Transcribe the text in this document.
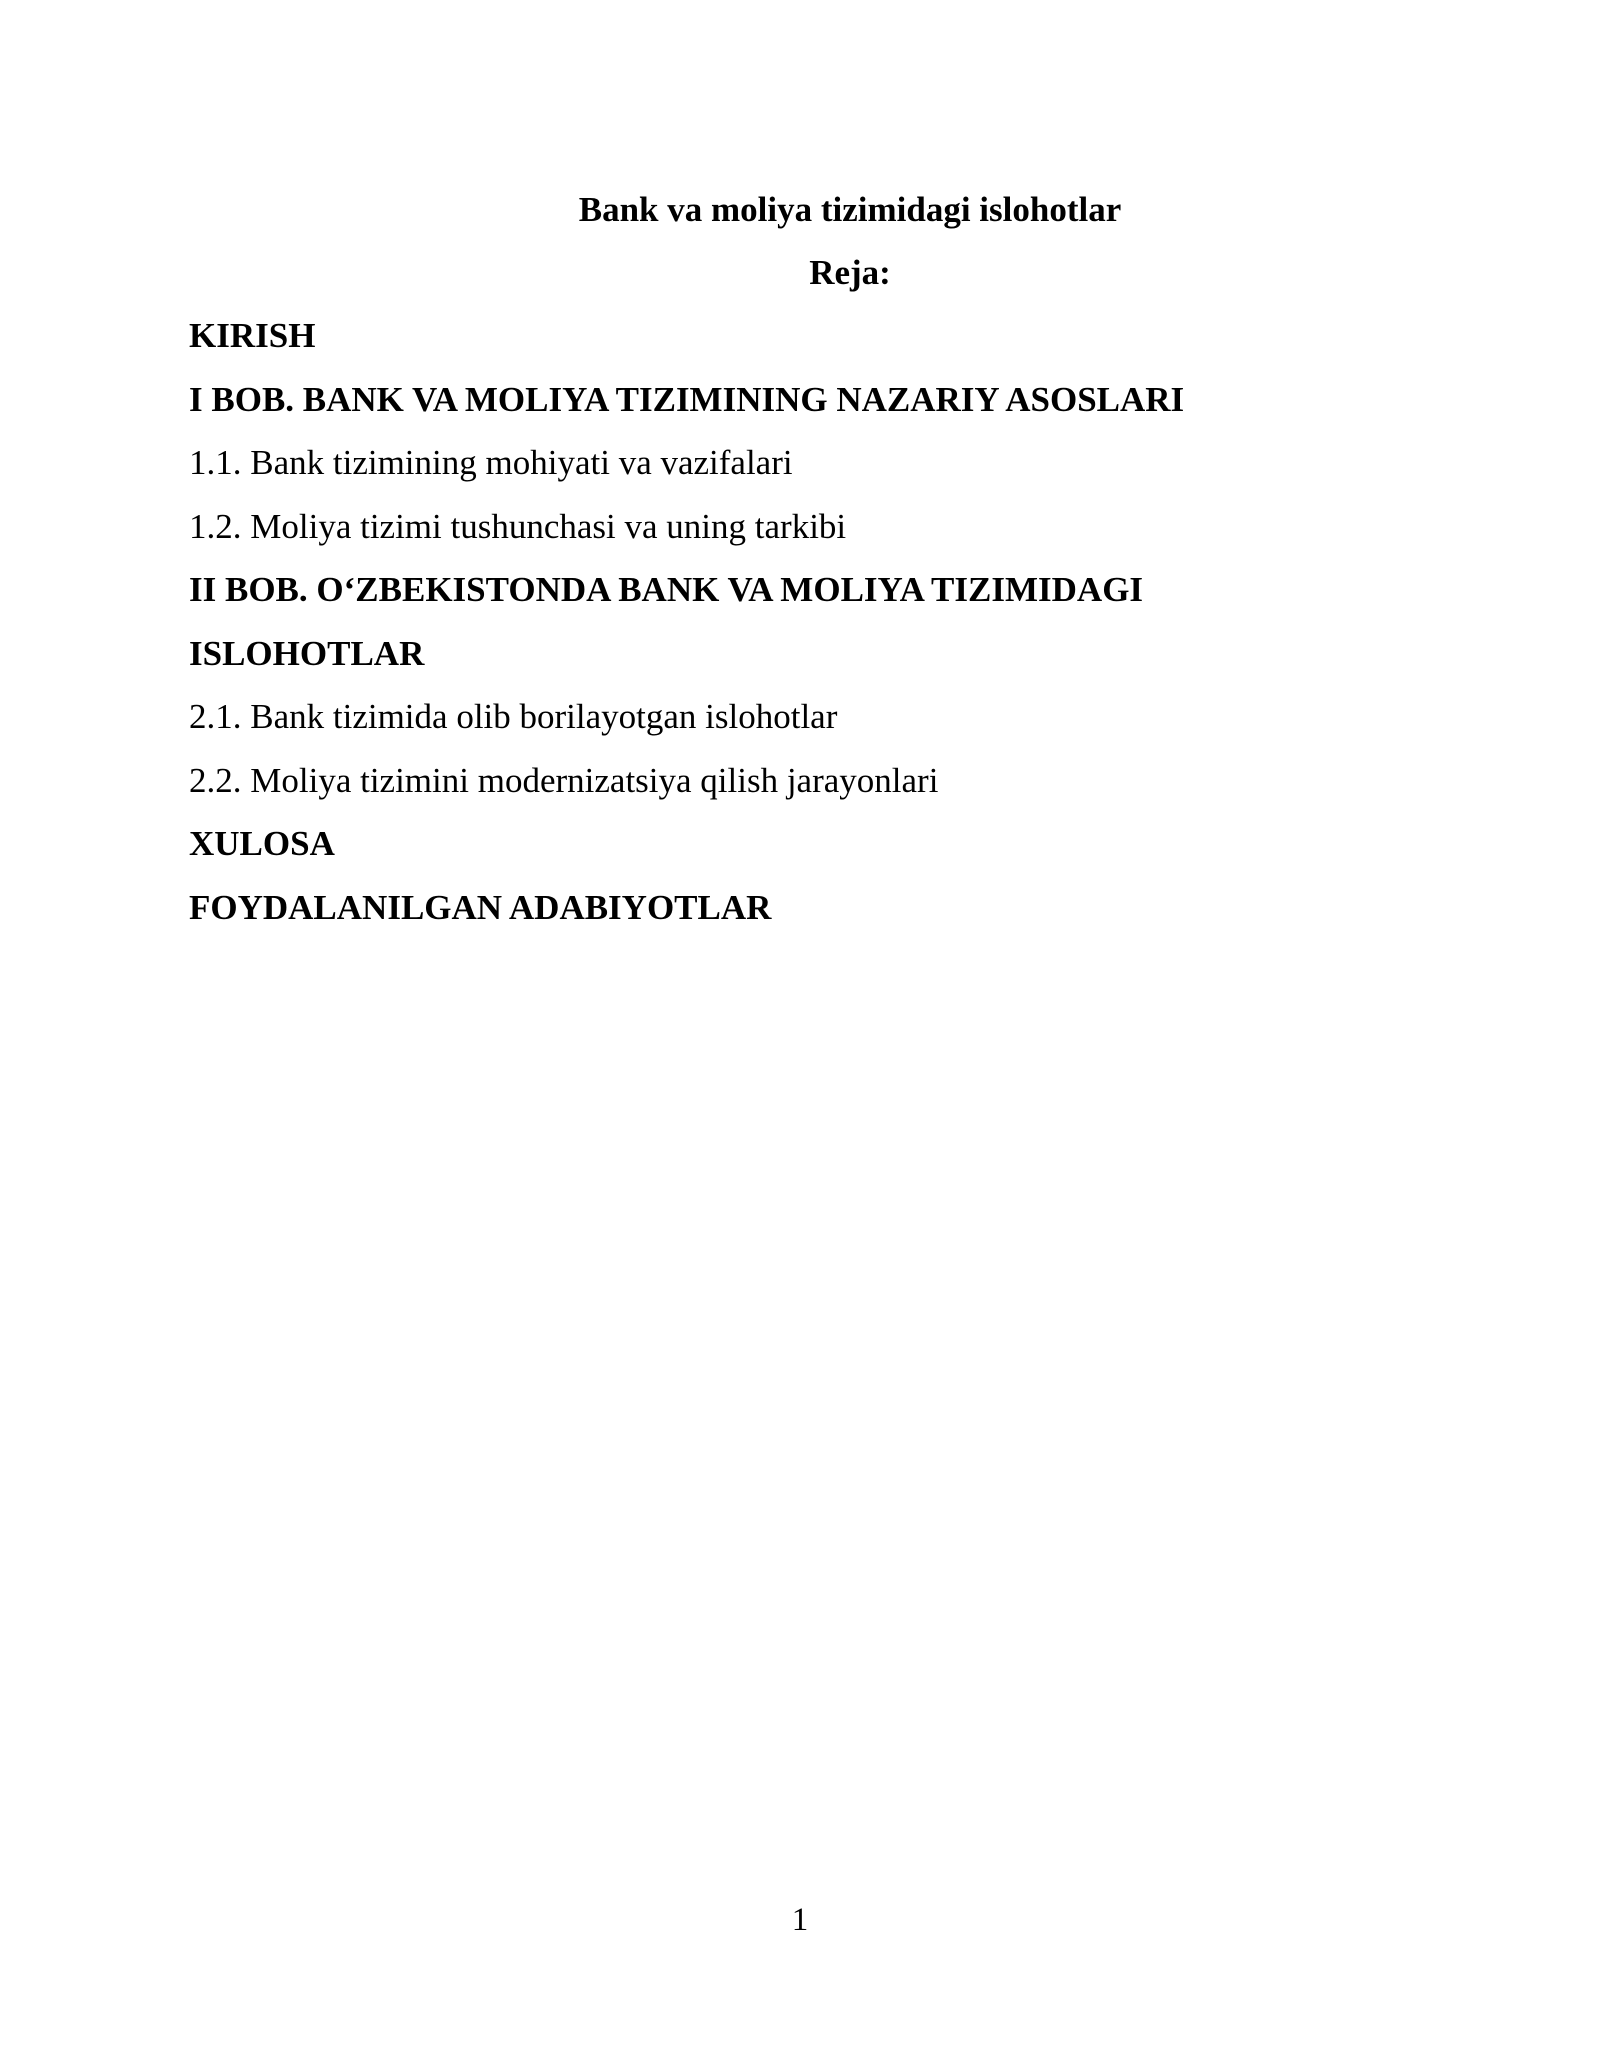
Bank va moliya tizimidagi islohotlar
Reja:
KIRISH
I BOB. BANK VA MOLIYA TIZIMINING NAZARIY ASOSLARI
1.1. Bank tizimining mohiyati va vazifalari
1.2. Moliya tizimi tushunchasi va uning tarkibi
II BOB. O‘ZBEKISTONDA BANK VA MOLIYA TIZIMIDAGI
ISLOHOTLAR
2.1. Bank tizimida olib borilayotgan islohotlar
2.2. Moliya tizimini modernizatsiya qilish jarayonlari
XULOSA
FOYDALANILGAN ADABIYOTLAR
1
